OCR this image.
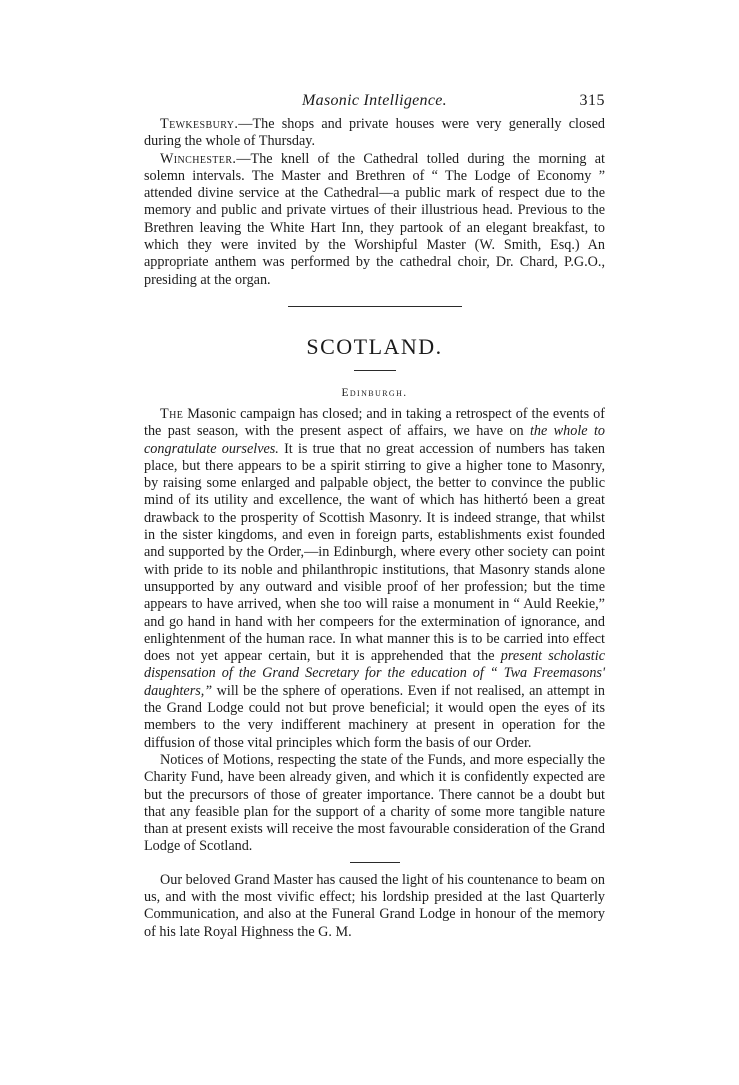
Masonic Intelligence.	315

Tewkesbury.—The shops and private houses were very generally closed during the whole of Thursday.

Winchester.—The knell of the Cathedral tolled during the morning at solemn intervals. The Master and Brethren of “ The Lodge of Economy ” attended divine service at the Cathedral—a public mark of respect due to the memory and public and private virtues of their illustrious head. Previous to the Brethren leaving the White Hart Inn, they partook of an elegant breakfast, to which they were invited by the Worshipful Master (W. Smith, Esq.) An appropriate anthem was performed by the cathedral choir, Dr. Chard, P.G.O., presiding at the organ.

SCOTLAND.
Edinburgh.

The Masonic campaign has closed; and in taking a retrospect of the events of the past season, with the present aspect of affairs, we have on the whole to congratulate ourselves. It is true that no great accession of numbers has taken place, but there appears to be a spirit stirring to give a higher tone to Masonry, by raising some enlarged and palpable object, the better to convince the public mind of its utility and excellence, the want of which has hithertó been a great drawback to the prosperity of Scottish Masonry. It is indeed strange, that whilst in the sister kingdoms, and even in foreign parts, establishments exist founded and supported by the Order,—in Edinburgh, where every other society can point with pride to its noble and philanthropic institutions, that Masonry stands alone unsupported by any outward and visible proof of her profession; but the time appears to have arrived, when she too will raise a monument in “ Auld Reekie,” and go hand in hand with her compeers for the extermination of ignorance, and enlightenment of the human race. In what manner this is to be carried into effect does not yet appear certain, but it is apprehended that the present scholastic dispensation of the Grand Secretary for the education of “ Twa Freemasons' daughters,” will be the sphere of operations. Even if not realised, an attempt in the Grand Lodge could not but prove beneficial; it would open the eyes of its members to the very indifferent machinery at present in operation for the diffusion of those vital principles which form the basis of our Order.

Notices of Motions, respecting the state of the Funds, and more especially the Charity Fund, have been already given, and which it is confidently expected are but the precursors of those of greater importance. There cannot be a doubt but that any feasible plan for the support of a charity of some more tangible nature than at present exists will receive the most favourable consideration of the Grand Lodge of Scotland.

Our beloved Grand Master has caused the light of his countenance to beam on us, and with the most vivific effect; his lordship presided at the last Quarterly Communication, and also at the Funeral Grand Lodge in honour of the memory of his late Royal Highness the G. M.
